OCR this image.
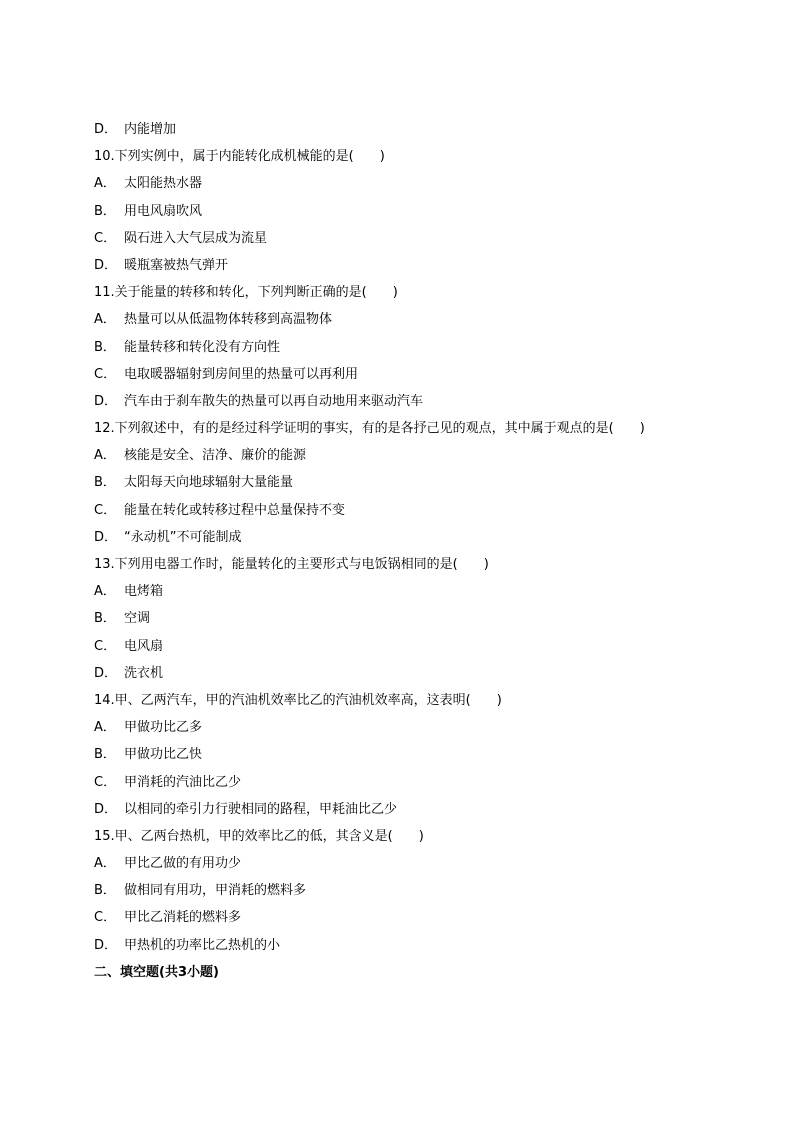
D． 内能增加
10.下列实例中，属于内能转化成机械能的是(　　)
A． 太阳能热水器
B． 用电风扇吹风
C． 陨石进入大气层成为流星
D． 暖瓶塞被热气弹开
11.关于能量的转移和转化，下列判断正确的是(　　)
A． 热量可以从低温物体转移到高温物体
B． 能量转移和转化没有方向性
C． 电取暖器辐射到房间里的热量可以再利用
D． 汽车由于刹车散失的热量可以再自动地用来驱动汽车
12.下列叙述中，有的是经过科学证明的事实，有的是各抒己见的观点，其中属于观点的是(　　)
A． 核能是安全、洁净、廉价的能源
B． 太阳每天向地球辐射大量能量
C． 能量在转化或转移过程中总量保持不变
D． “永动机”不可能制成
13.下列用电器工作时，能量转化的主要形式与电饭锅相同的是(　　)
A． 电烤箱
B． 空调
C． 电风扇
D． 洗衣机
14.甲、乙两汽车，甲的汽油机效率比乙的汽油机效率高，这表明(　　)
A． 甲做功比乙多
B． 甲做功比乙快
C． 甲消耗的汽油比乙少
D． 以相同的牵引力行驶相同的路程，甲耗油比乙少
15.甲、乙两台热机，甲的效率比乙的低，其含义是(　　)
A． 甲比乙做的有用功少
B． 做相同有用功，甲消耗的燃料多
C． 甲比乙消耗的燃料多
D． 甲热机的功率比乙热机的小
二、填空题(共3小题)
